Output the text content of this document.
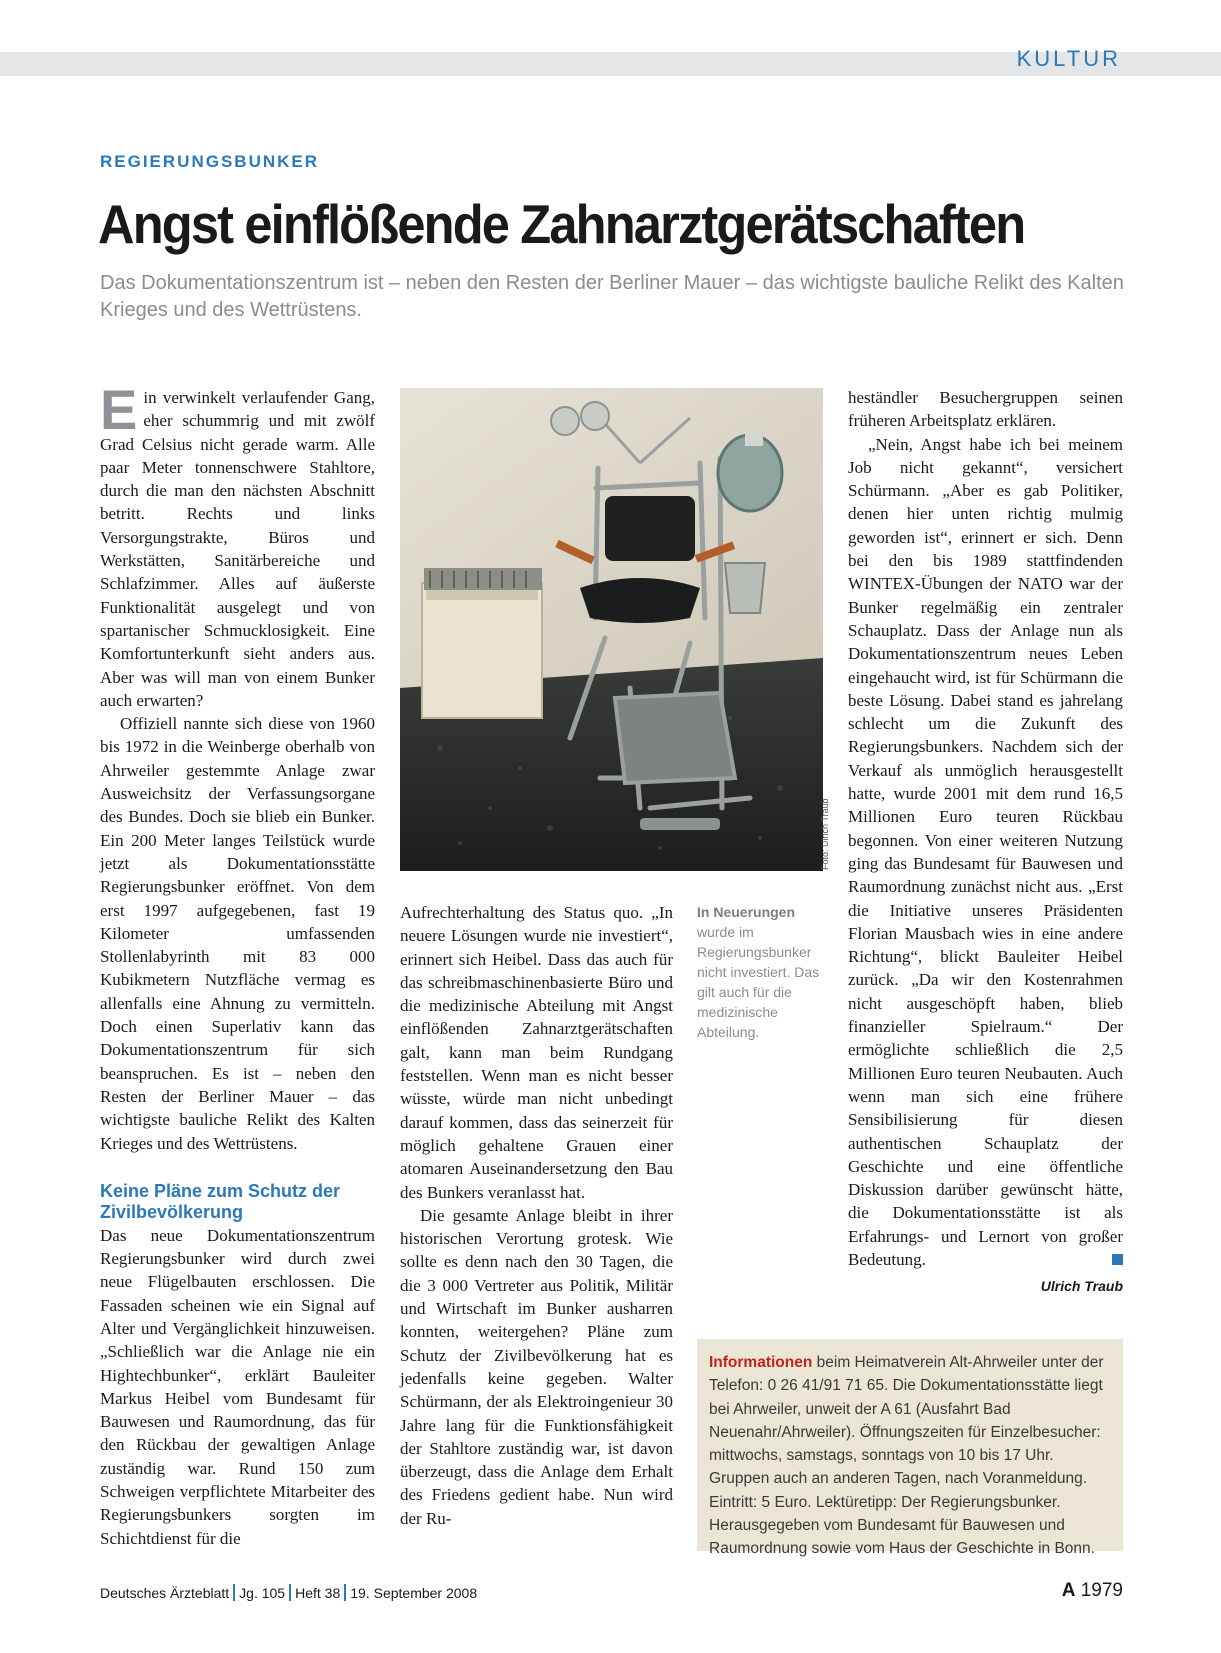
KULTUR
REGIERUNGSBUNKER
Angst einflößende Zahnarztgerätschaften
Das Dokumentationszentrum ist – neben den Resten der Berliner Mauer – das wichtigste bauliche Relikt des Kalten Krieges und des Wettrüstens.

Ein verwinkelt verlaufender Gang, eher schummrig und mit zwölf Grad Celsius nicht gerade warm. Alle paar Meter tonnenschwere Stahltore, durch die man den nächsten Abschnitt betritt. Rechts und links Versorgungstrakte, Büros und Werkstätten, Sanitärbereiche und Schlafzimmer. Alles auf äußerste Funktionalität ausgelegt und von spartanischer Schmucklosigkeit. Eine Komfortunterkunft sieht anders aus. Aber was will man von einem Bunker auch erwarten?

Offiziell nannte sich diese von 1960 bis 1972 in die Weinberge oberhalb von Ahrweiler gestemmte Anlage zwar Ausweichsitz der Verfassungsorgane des Bundes. Doch sie blieb ein Bunker. Ein 200 Meter langes Teilstück wurde jetzt als Dokumentationsstätte Regierungsbunker eröffnet. Von dem erst 1997 aufgegebenen, fast 19 Kilometer umfassenden Stollenlabyrinth mit 83 000 Kubikmetern Nutzfläche vermag es allenfalls eine Ahnung zu vermitteln. Doch einen Superlativ kann das Dokumentationszentrum für sich beanspruchen. Es ist – neben den Resten der Berliner Mauer – das wichtigste bauliche Relikt des Kalten Krieges und des Wettrüstens.

Keine Pläne zum Schutz der Zivilbevölkerung

Das neue Dokumentationszentrum Regierungsbunker wird durch zwei neue Flügelbauten erschlossen. Die Fassaden scheinen wie ein Signal auf Alter und Vergänglichkeit hinzuweisen. „Schließlich war die Anlage nie ein Hightechbunker“, erklärt Bauleiter Markus Heibel vom Bundesamt für Bauwesen und Raumordnung, das für den Rückbau der gewaltigen Anlage zuständig war. Rund 150 zum Schweigen verpflichtete Mitarbeiter des Regierungsbunkers sorgten im Schichtdienst für die

Foto: Ulrich Traub
In Neuerungen wurde im Regierungsbunker nicht investiert. Das gilt auch für die medizinische Abteilung.

Aufrechterhaltung des Status quo. „In neuere Lösungen wurde nie investiert“, erinnert sich Heibel. Dass das auch für das schreibmaschinenbasierte Büro und die medizinische Abteilung mit Angst einflößenden Zahnarztgerätschaften galt, kann man beim Rundgang feststellen. Wenn man es nicht besser wüsste, würde man nicht unbedingt darauf kommen, dass das seinerzeit für möglich gehaltene Grauen einer atomaren Auseinandersetzung den Bau des Bunkers veranlasst hat.

Die gesamte Anlage bleibt in ihrer historischen Verortung grotesk. Wie sollte es denn nach den 30 Tagen, die die 3 000 Vertreter aus Politik, Militär und Wirtschaft im Bunker ausharren konnten, weitergehen? Pläne zum Schutz der Zivilbevölkerung hat es jedenfalls keine gegeben. Walter Schürmann, der als Elektroingenieur 30 Jahre lang für die Funktionsfähigkeit der Stahltore zuständig war, ist davon überzeugt, dass die Anlage dem Erhalt des Friedens gedient habe. Nun wird der Ru-

heständler Besuchergruppen seinen früheren Arbeitsplatz erklären.

„Nein, Angst habe ich bei meinem Job nicht gekannt“, versichert Schürmann. „Aber es gab Politiker, denen hier unten richtig mulmig geworden ist“, erinnert er sich. Denn bei den bis 1989 stattfindenden WINTEX-Übungen der NATO war der Bunker regelmäßig ein zentraler Schauplatz. Dass der Anlage nun als Dokumentationszentrum neues Leben eingehaucht wird, ist für Schürmann die beste Lösung. Dabei stand es jahrelang schlecht um die Zukunft des Regierungsbunkers. Nachdem sich der Verkauf als unmöglich herausgestellt hatte, wurde 2001 mit dem rund 16,5 Millionen Euro teuren Rückbau begonnen. Von einer weiteren Nutzung ging das Bundesamt für Bauwesen und Raumordnung zunächst nicht aus. „Erst die Initiative unseres Präsidenten Florian Mausbach wies in eine andere Richtung“, blickt Bauleiter Heibel zurück. „Da wir den Kostenrahmen nicht ausgeschöpft haben, blieb finanzieller Spielraum.“ Der ermöglichte schließlich die 2,5 Millionen Euro teuren Neubauten. Auch wenn man sich eine frühere Sensibilisierung für diesen authentischen Schauplatz der Geschichte und eine öffentliche Diskussion darüber gewünscht hätte, die Dokumentationsstätte ist als Erfahrungs- und Lernort von großer Bedeutung.

Ulrich Traub
Informationen beim Heimatverein Alt-Ahrweiler unter der Telefon: 0 26 41/91 71 65. Die Dokumentationsstätte liegt bei Ahrweiler, unweit der A 61 (Ausfahrt Bad Neuenahr/Ahrweiler). Öffnungszeiten für Einzelbesucher: mittwochs, samstags, sonntags von 10 bis 17 Uhr. Gruppen auch an anderen Tagen, nach Voranmeldung. Eintritt: 5 Euro. Lektüretipp: Der Regierungsbunker. Herausgegeben vom Bundesamt für Bauwesen und Raumordnung sowie vom Haus der Geschichte in Bonn.
Deutsches Ärzteblatt Jg. 105 Heft 38 19. September 2008	A 1979
